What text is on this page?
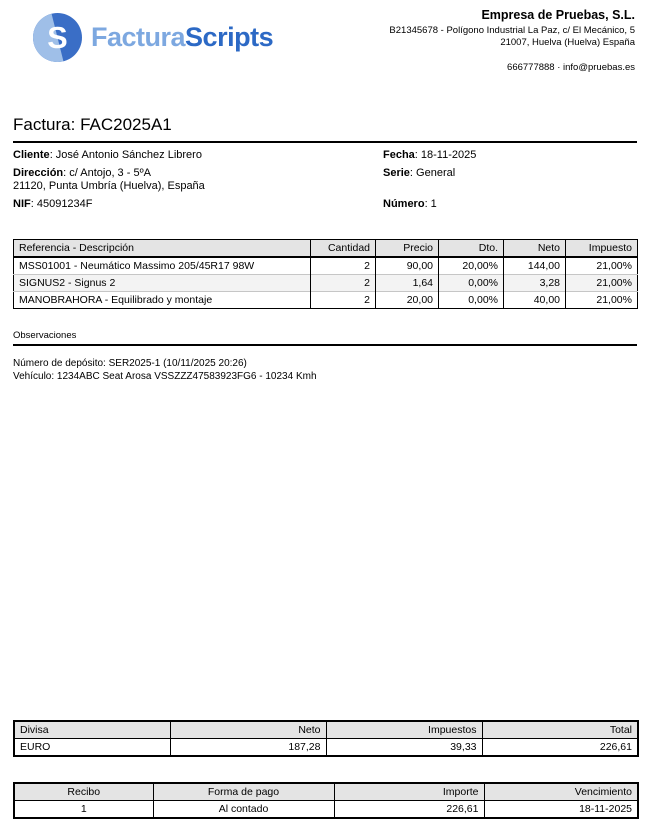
S FacturaScripts
Empresa de Pruebas, S.L.
B21345678 - Polígono Industrial La Paz, c/ El Mecánico, 5
21007, Huelva (Huelva) España
666777888 · info@pruebas.es
Factura: FAC2025A1
Cliente: José Antonio Sánchez Librero
Dirección: c/ Antojo, 3 - 5ºA
21120, Punta Umbría (Huelva), España
NIF: 45091234F
Fecha: 18-11-2025
Serie: General
Número: 1
Referencia - Descripción	Cantidad	Precio	Dto.	Neto	Impuesto
MSS01001 - Neumático Massimo 205/45R17 98W	2	90,00	20,00%	144,00	21,00%
SIGNUS2 - Signus 2	2	1,64	0,00%	3,28	21,00%
MANOBRAHORA - Equilibrado y montaje	2	20,00	0,00%	40,00	21,00%
Observaciones
Número de depósito: SER2025-1 (10/11/2025 20:26)
Vehículo: 1234ABC Seat Arosa VSSZZZ47583923FG6 - 10234 Kmh
Divisa	Neto	Impuestos	Total
EURO	187,28	39,33	226,61
Recibo	Forma de pago	Importe	Vencimiento
1	Al contado	226,61	18-11-2025
